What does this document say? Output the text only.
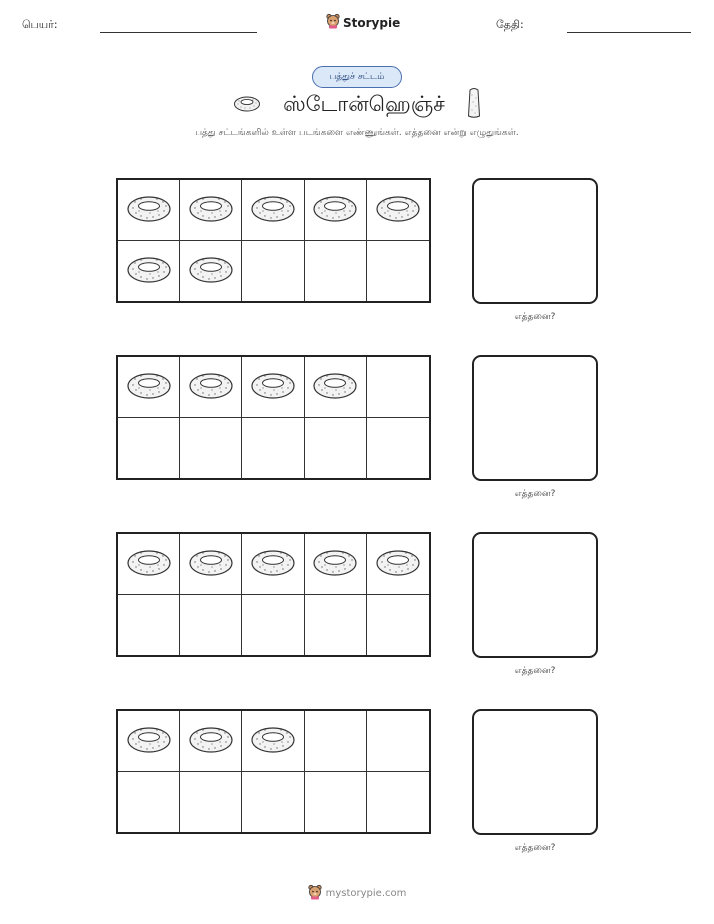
பெயர்:	Storypie	தேதி:
பத்துச் சட்டம்
ஸ்டோன்ஹெஞ்ச்
பத்து சட்டங்களில் உள்ள படங்களை எண்ணுங்கள். எத்தனை என்று எழுதுங்கள்.
எத்தனை?
எத்தனை?
எத்தனை?
எத்தனை?
mystorypie.com
